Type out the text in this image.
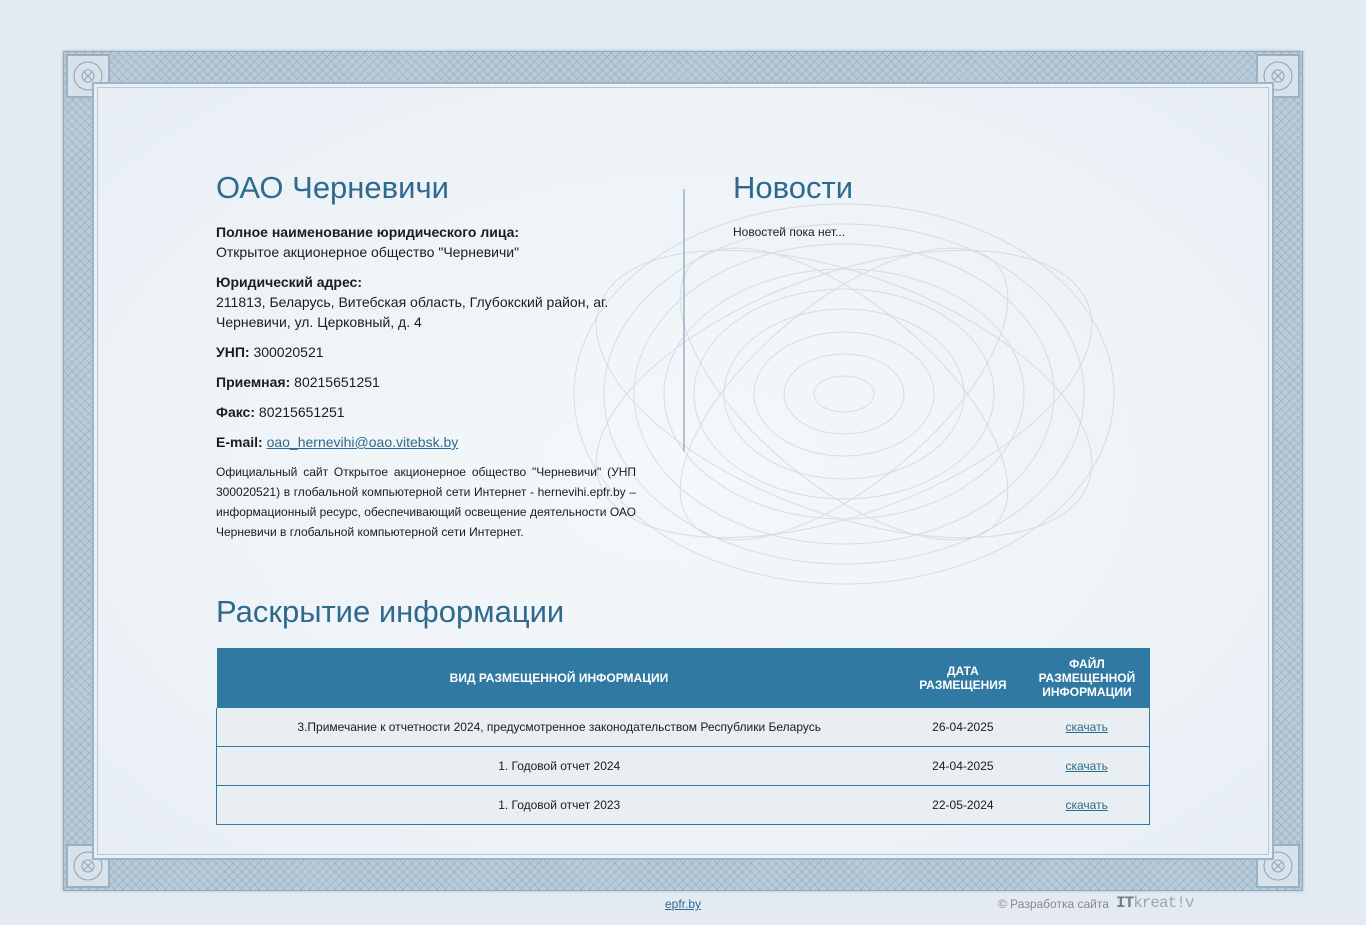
ОАО Черневичи
Полное наименование юридического лица:
Открытое акционерное общество "Черневичи"
Юридический адрес:
211813, Беларусь, Витебская область, Глубокский район, аг. Черневичи, ул. Церковный, д. 4
УНП: 300020521
Приемная: 80215651251
Факс: 80215651251
E-mail: oao_hernevihi@oao.vitebsk.by
Официальный сайт Открытое акционерное общество "Черневичи" (УНП 300020521) в глобальной компьютерной сети Интернет - hernevihi.epfr.by – информационный ресурс, обеспечивающий освещение деятельности ОАО Черневичи в глобальной компьютерной сети Интернет.
Новости
Новостей пока нет...
Раскрытие информации
ВИД РАЗМЕЩЕННОЙ ИНФОРМАЦИИ	ДАТА РАЗМЕЩЕНИЯ	ФАЙЛ РАЗМЕЩЕННОЙ ИНФОРМАЦИИ
3.Примечание к отчетности 2024, предусмотренное законодательством Республики Беларусь	26-04-2025	скачать
1. Годовой отчет 2024	24-04-2025	скачать
1. Годовой отчет 2023	22-05-2024	скачать
epfr.by	© Разработка сайта ITkreat!v
